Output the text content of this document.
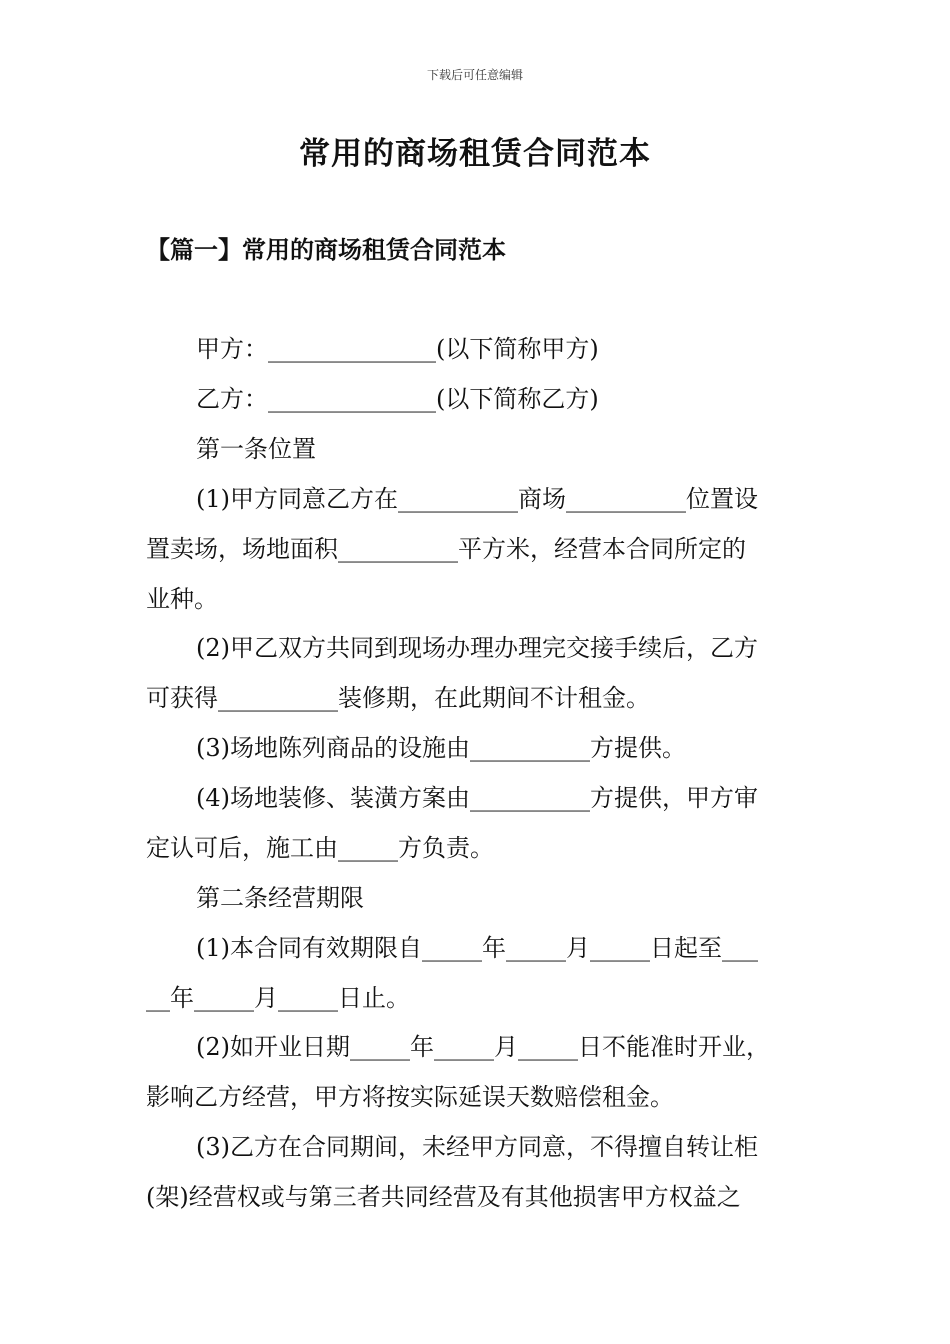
下载后可任意编辑
常用的商场租赁合同范本
【篇一】常用的商场租赁合同范本
甲方：______________(以下简称甲方)
乙方：______________(以下简称乙方)
第一条位置
(1)甲方同意乙方在__________商场__________位置设
置卖场，场地面积__________平方米，经营本合同所定的
业种。
(2)甲乙双方共同到现场办理办理完交接手续后，乙方
可获得__________装修期，在此期间不计租金。
(3)场地陈列商品的设施由__________方提供。
(4)场地装修、装潢方案由__________方提供，甲方审
定认可后，施工由_____方负责。
第二条经营期限
(1)本合同有效期限自_____年_____月_____日起至___
__年_____月_____日止。
(2)如开业日期_____年_____月_____日不能准时开业，
影响乙方经营，甲方将按实际延误天数赔偿租金。
(3)乙方在合同期间，未经甲方同意，不得擅自转让柜
(架)经营权或与第三者共同经营及有其他损害甲方权益之
